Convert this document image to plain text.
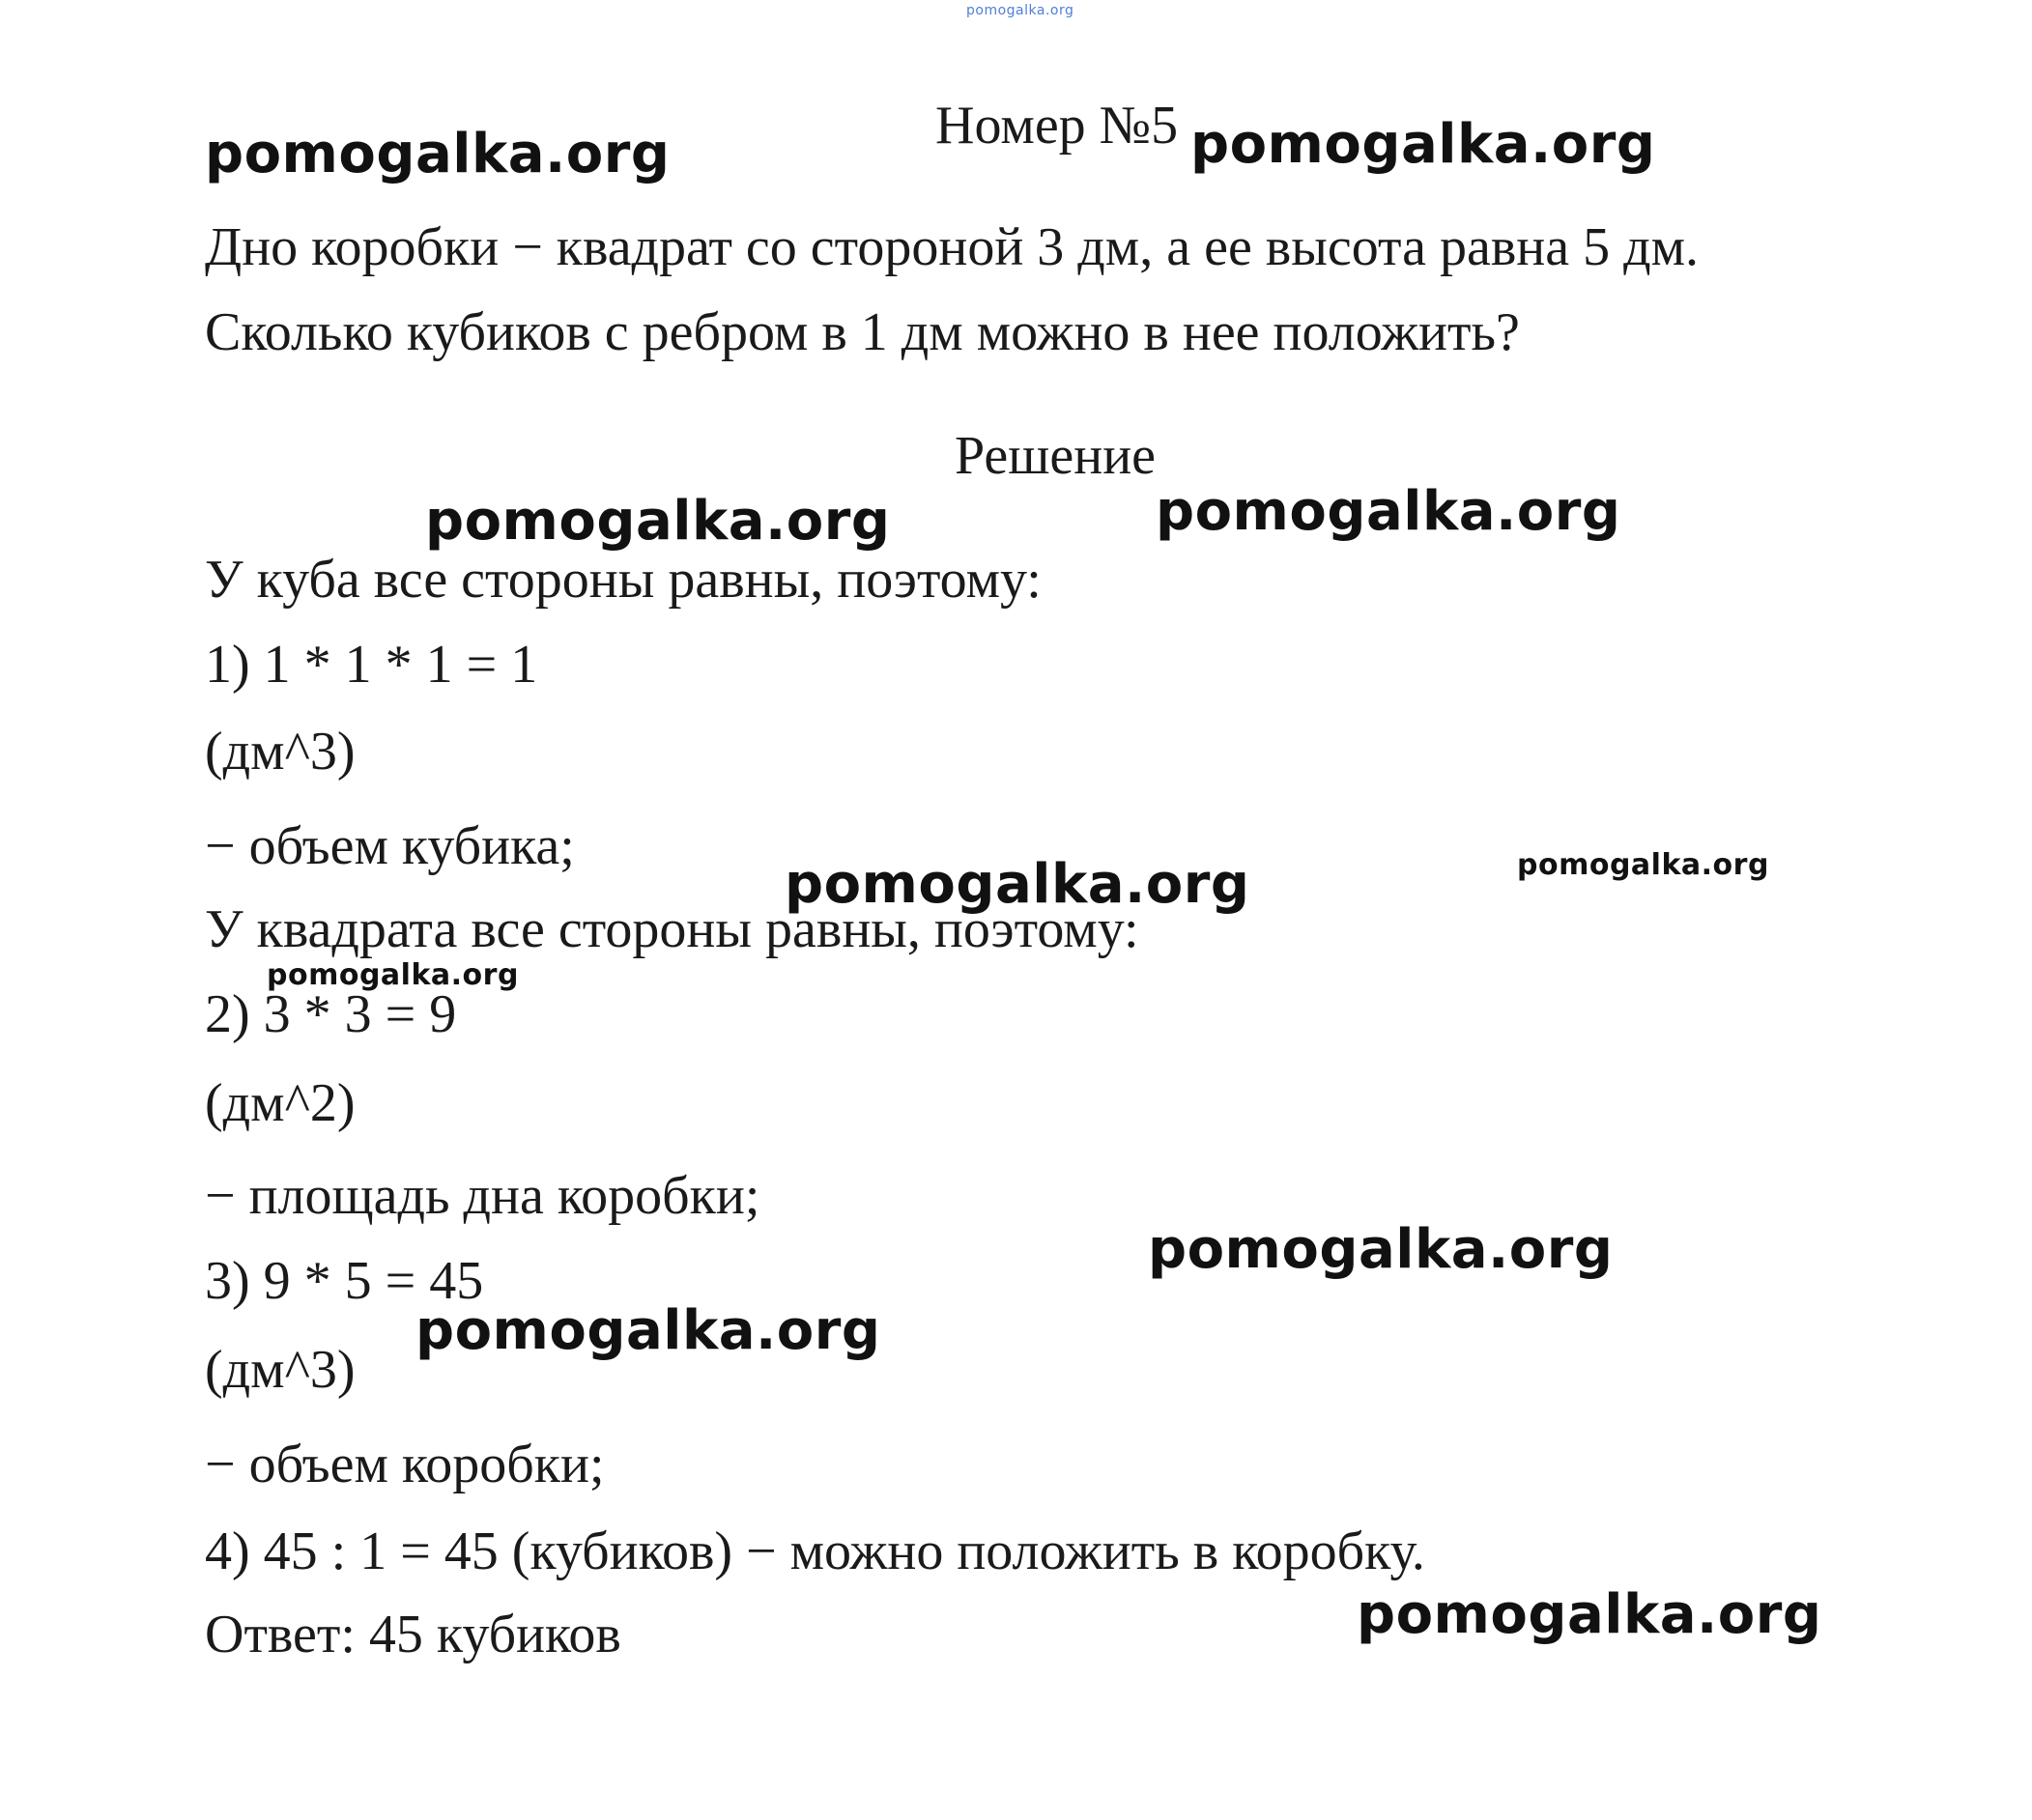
pomogalka.org
Номер №5
Дно коробки − квадрат со стороной 3 дм, а ее высота равна 5 дм.
Сколько кубиков с ребром в 1 дм можно в нее положить?
Решение
У куба все стороны равны, поэтому:
1) 1 * 1 * 1 = 1
(дм^3)
− объем кубика;
У квадрата все стороны равны, поэтому:
2) 3 * 3 = 9
(дм^2)
− площадь дна коробки;
3) 9 * 5 = 45
(дм^3)
− объем коробки;
4) 45 : 1 = 45 (кубиков) − можно положить в коробку.
Ответ: 45 кубиков
pomogalka.org	pomogalka.org
pomogalka.org	pomogalka.org
pomogalka.org	pomogalka.org
pomogalka.org
pomogalka.org
pomogalka.org
pomogalka.org
